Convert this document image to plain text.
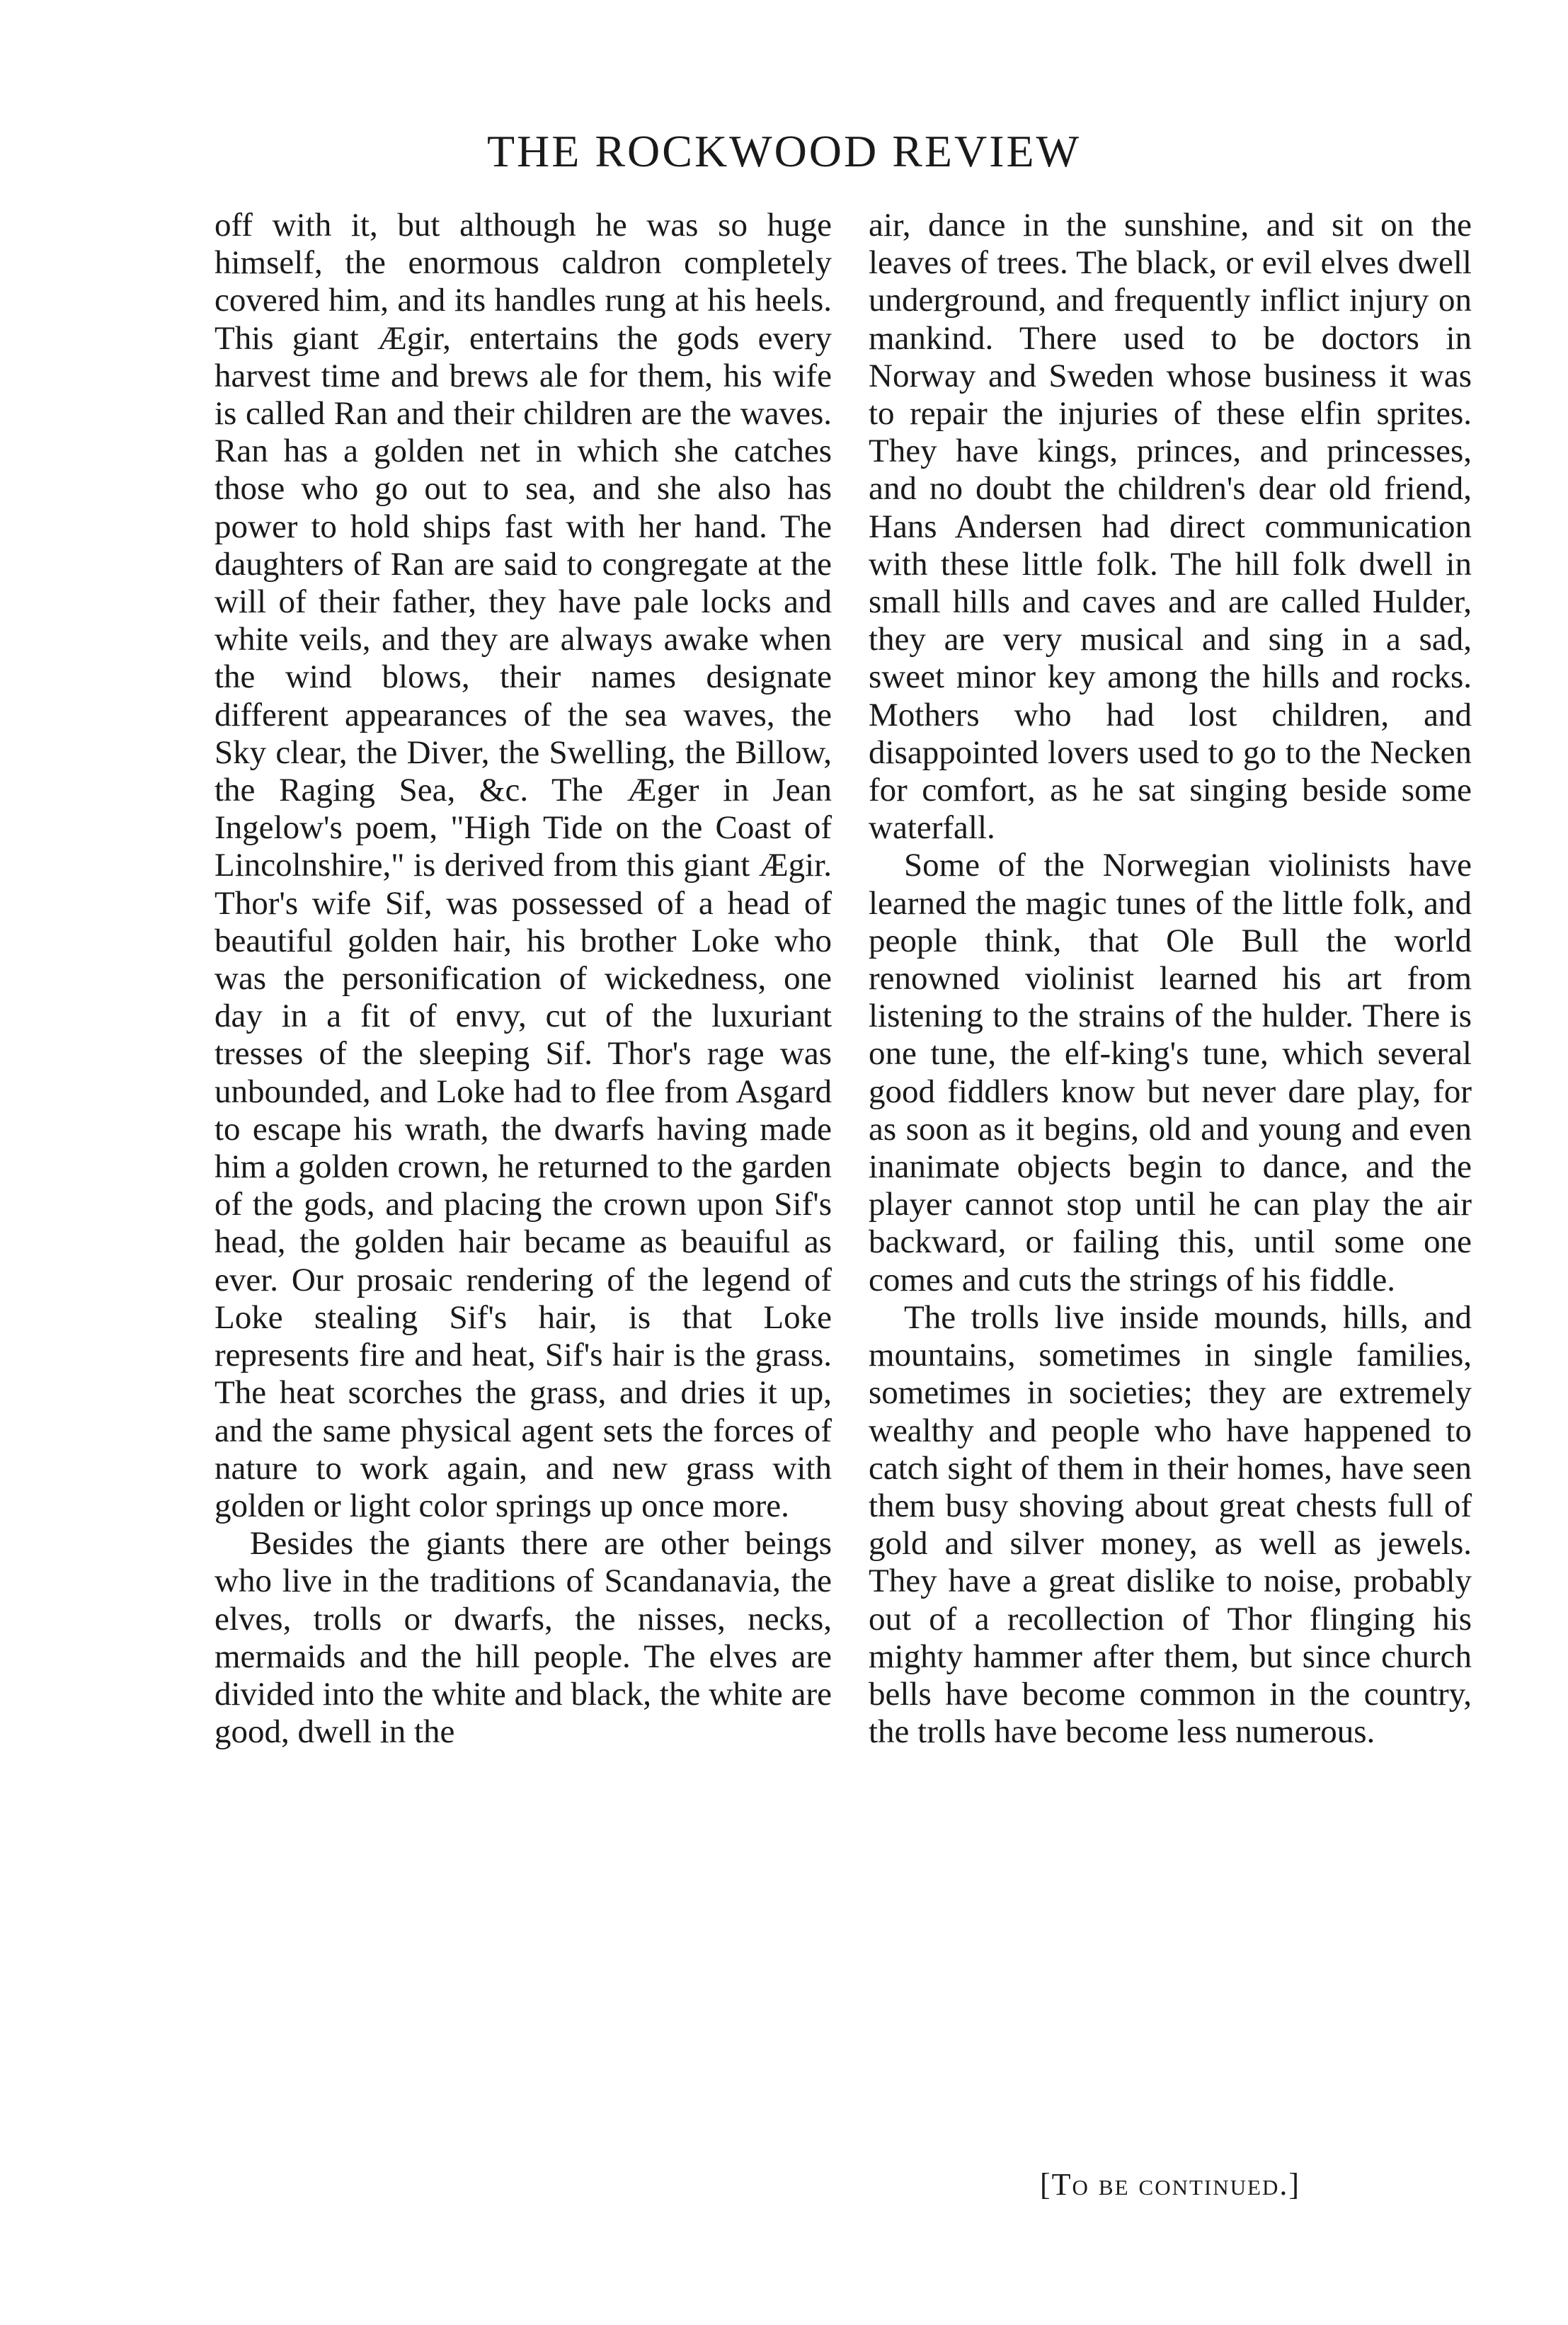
THE ROCKWOOD REVIEW

off with it, but although he was so huge himself, the enormous caldron completely covered him, and its handles rung at his heels. This giant Ægir, entertains the gods every harvest time and brews ale for them, his wife is called Ran and their children are the waves. Ran has a golden net in which she catches those who go out to sea, and she also has power to hold ships fast with her hand. The daughters of Ran are said to congregate at the will of their father, they have pale locks and white veils, and they are always awake when the wind blows, their names designate different appearances of the sea waves, the Sky clear, the Diver, the Swelling, the Billow, the Raging Sea, &c. The Æger in Jean Ingelow's poem, "High Tide on the Coast of Lincolnshire," is derived from this giant Ægir. Thor's wife Sif, was possessed of a head of beautiful golden hair, his brother Loke who was the personification of wickedness, one day in a fit of envy, cut of the luxuriant tresses of the sleeping Sif. Thor's rage was unbounded, and Loke had to flee from Asgard to escape his wrath, the dwarfs having made him a golden crown, he returned to the garden of the gods, and placing the crown upon Sif's head, the golden hair became as beauiful as ever. Our prosaic rendering of the legend of Loke stealing Sif's hair, is that Loke represents fire and heat, Sif's hair is the grass. The heat scorches the grass, and dries it up, and the same physical agent sets the forces of nature to work again, and new grass with golden or light color springs up once more.

Besides the giants there are other beings who live in the traditions of Scandanavia, the elves, trolls or dwarfs, the nisses, necks, mermaids and the hill people. The elves are divided into the white and black, the white are good, dwell in the

air, dance in the sunshine, and sit on the leaves of trees. The black, or evil elves dwell underground, and frequently inflict injury on mankind. There used to be doctors in Norway and Sweden whose business it was to repair the injuries of these elfin sprites. They have kings, princes, and princesses, and no doubt the children's dear old friend, Hans Andersen had direct communication with these little folk. The hill folk dwell in small hills and caves and are called Hulder, they are very musical and sing in a sad, sweet minor key among the hills and rocks. Mothers who had lost children, and disappointed lovers used to go to the Necken for comfort, as he sat singing beside some waterfall.

Some of the Norwegian violinists have learned the magic tunes of the little folk, and people think, that Ole Bull the world renowned violinist learned his art from listening to the strains of the hulder. There is one tune, the elf-king's tune, which several good fiddlers know but never dare play, for as soon as it begins, old and young and even inanimate objects begin to dance, and the player cannot stop until he can play the air backward, or failing this, until some one comes and cuts the strings of his fiddle.

The trolls live inside mounds, hills, and mountains, sometimes in single families, sometimes in societies; they are extremely wealthy and people who have happened to catch sight of them in their homes, have seen them busy shoving about great chests full of gold and silver money, as well as jewels. They have a great dislike to noise, probably out of a recollection of Thor flinging his mighty hammer after them, but since church bells have become common in the country, the trolls have become less numerous.

[To be continued.]
